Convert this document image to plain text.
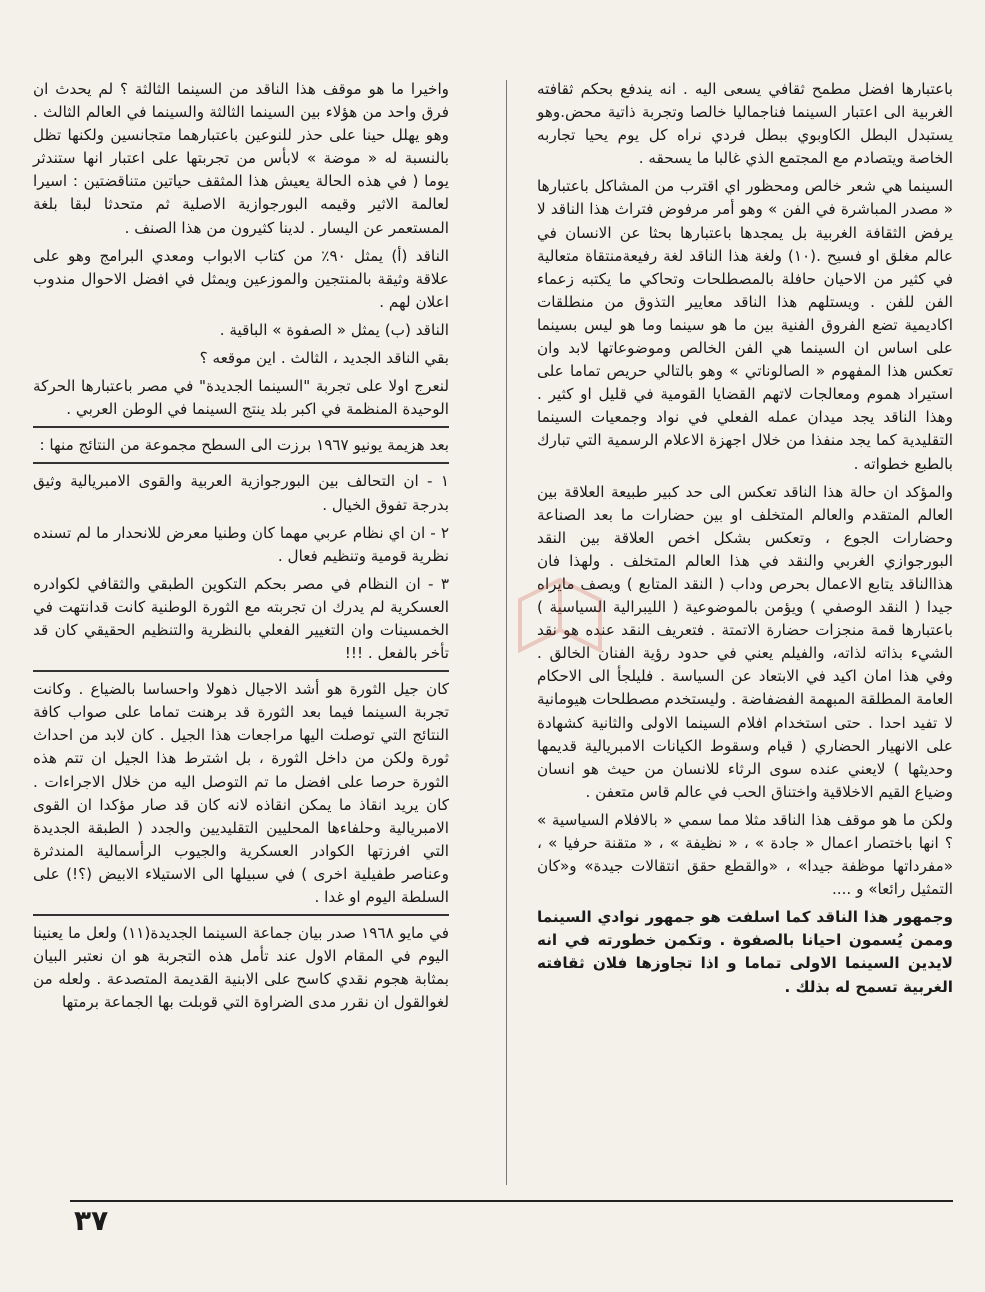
باعتبارها افضل مطمح ثقافي يسعى اليه . انه يندفع بحكم ثقافته الغربية الى اعتبار السينما فناجماليا خالصا وتجربة ذاتية محض.وهو يستبدل البطل الكاوبوي ببطل فردي نراه كل يوم يحيا تجاربه الخاصة ويتصادم مع المجتمع الذي غالبا ما يسحقه .

السينما هي شعر خالص ومحظور اي اقترب من المشاكل باعتبارها « مصدر المباشرة في الفن » وهو أمر مرفوض فتراث هذا الناقد لا يرفض الثقافة الغربية بل يمجدها باعتبارها بحثا عن الانسان في عالم مغلق او فسيح .(١٠) ولغة هذا الناقد لغة رفيعةمنتقاة متعالية في كثير من الاحيان حافلة بالمصطلحات وتحاكي ما يكتبه زعماء الفن للفن . ويستلهم هذا الناقد معايير التذوق من منطلقات اكاديمية تضع الفروق الفنية بين ما هو سينما وما هو ليس بسينما على اساس ان السينما هي الفن الخالص وموضوعاتها لابد وان تعكس هذا المفهوم « الصالوناتي » وهو بالتالي حريص تماما على استيراد هموم ومعالجات لاتهم القضايا القومية في قليل او كثير . وهذا الناقد يجد ميدان عمله الفعلي في نواد وجمعيات السينما التقليدية كما يجد منفذا من خلال اجهزة الاعلام الرسمية التي تبارك بالطبع خطواته .

والمؤكد ان حالة هذا الناقد تعكس الى حد كبير طبيعة العلاقة بين العالم المتقدم والعالم المتخلف او بين حضارات ما بعد الصناعة وحضارات الجوع ، وتعكس بشكل اخص العلاقة بين النقد البورجوازي الغربي والنقد في هذا العالم المتخلف . ولهذا فان هذاالناقد يتابع الاعمال بحرص وداب ( النقد المتابع ) ويصف مايراه جيدا ( النقد الوصفي ) ويؤمن بالموضوعية ( الليبرالية السياسية ) باعتبارها قمة منجزات حضارة الاتمتة . فتعريف النقد عنده هو نقد الشيء بذاته لذاته، والفيلم يعني في حدود رؤية الفنان الخالق . وفي هذا امان اكيد في الابتعاد عن السياسة . فليلجأ الى الاحكام العامة المطلقة المبهمة الفضفاضة . وليستخدم مصطلحات هيومانية لا تفيد احدا . حتى استخدام افلام السينما الاولى والثانية كشهادة على الانهيار الحضاري ( قيام وسقوط الكيانات الامبريالية قديمها وحديثها ) لايعني عنده سوى الرثاء للانسان من حيث هو انسان وضياع القيم الاخلاقية واختناق الحب في عالم قاس متعفن .

ولكن ما هو موقف هذا الناقد مثلا مما سمي « بالافلام السياسية » ؟ انها باختصار اعمال « جادة » ، « نظيفة » ، « متقنة حرفيا » ، «مفرداتها موظفة جيدا» ، «والقطع حقق انتقالات جيدة» و«كان التمثيل رائعا» و ....

وجمهور هذا الناقد كما اسلفت هو جمهور نوادي السينما وممن يُسمون احيانا بالصفوة . وتكمن خطورته في انه لايدين السينما الاولى تماما و اذا تجاوزها فلان ثقافته الغربية تسمح له بذلك .

واخيرا ما هو موقف هذا الناقد من السينما الثالثة ؟ لم يحدث ان فرق واحد من هؤلاء بين السينما الثالثة والسينما في العالم الثالث . وهو يهلل حينا على حذر للنوعين باعتبارهما متجانسين ولكنها تظل بالنسبة له « موضة » لابأس من تجربتها على اعتبار انها ستندثر يوما ( في هذه الحالة يعيش هذا المثقف حياتين متناقضتين : اسيرا لعالمة الاثير وقيمه البورجوازية الاصلية ثم متحدثا لبقا بلغة المستعمر عن اليسار . لدينا كثيرون من هذا الصنف .

الناقد (أ) يمثل ٩٠٪ من كتاب الابواب ومعدي البرامج وهو على علاقة وثيقة بالمنتجين والموزعين ويمثل في افضل الاحوال مندوب اعلان لهم .

الناقد (ب) يمثل « الصفوة » الباقية .

بقي الناقد الجديد ، الثالث . اين موقعه ؟

لنعرج اولا على تجربة "السينما الجديدة" في مصر باعتبارها الحركة الوحيدة المنظمة في اكبر بلد ينتج السينما في الوطن العربي .

بعد هزيمة يونيو ١٩٦٧ برزت الى السطح مجموعة من النتائج منها :

١ - ان التحالف بين البورجوازية العربية والقوى الامبريالية وثيق بدرجة تفوق الخيال .

٢ - ان اي نظام عربي مهما كان وطنيا معرض للانحدار ما لم تسنده نظرية قومية وتنظيم فعال .

٣ - ان النظام في مصر بحكم التكوين الطبقي والثقافي لكوادره العسكرية لم يدرك ان تجربته مع الثورة الوطنية كانت قدانتهت في الخمسينات وان التغيير الفعلي بالنظرية والتنظيم الحقيقي كان قد تأخر بالفعل . !!!

كان جيل الثورة هو أشد الاجيال ذهولا واحساسا بالضياع . وكانت تجربة السينما فيما بعد الثورة قد برهنت تماما على صواب كافة النتائج التي توصلت اليها مراجعات هذا الجيل . كان لابد من احداث ثورة ولكن من داخل الثورة ، بل اشترط هذا الجيل ان تتم هذه الثورة حرصا على افضل ما تم التوصل اليه من خلال الاجراءات . كان يريد انقاذ ما يمكن انقاذه لانه كان قد صار مؤكدا ان القوى الامبريالية وحلفاءها المحليين التقليديين والجدد ( الطبقة الجديدة التي افرزتها الكوادر العسكرية والجيوب الرأسمالية المندثرة وعناصر طفيلية اخرى ) في سبيلها الى الاستيلاء الابيض (؟!) على السلطة اليوم او غدا .

في مايو ١٩٦٨ صدر بيان جماعة السينما الجديدة(١١) ولعل ما يعنينا اليوم في المقام الاول عند تأمل هذه التجربة هو ان نعتبر البيان بمثابة هجوم نقدي كاسح على الابنية القديمة المتصدعة . ولعله من لغوالقول ان نقرر مدى الضراوة التي قوبلت بها الجماعة برمتها

٣٧
